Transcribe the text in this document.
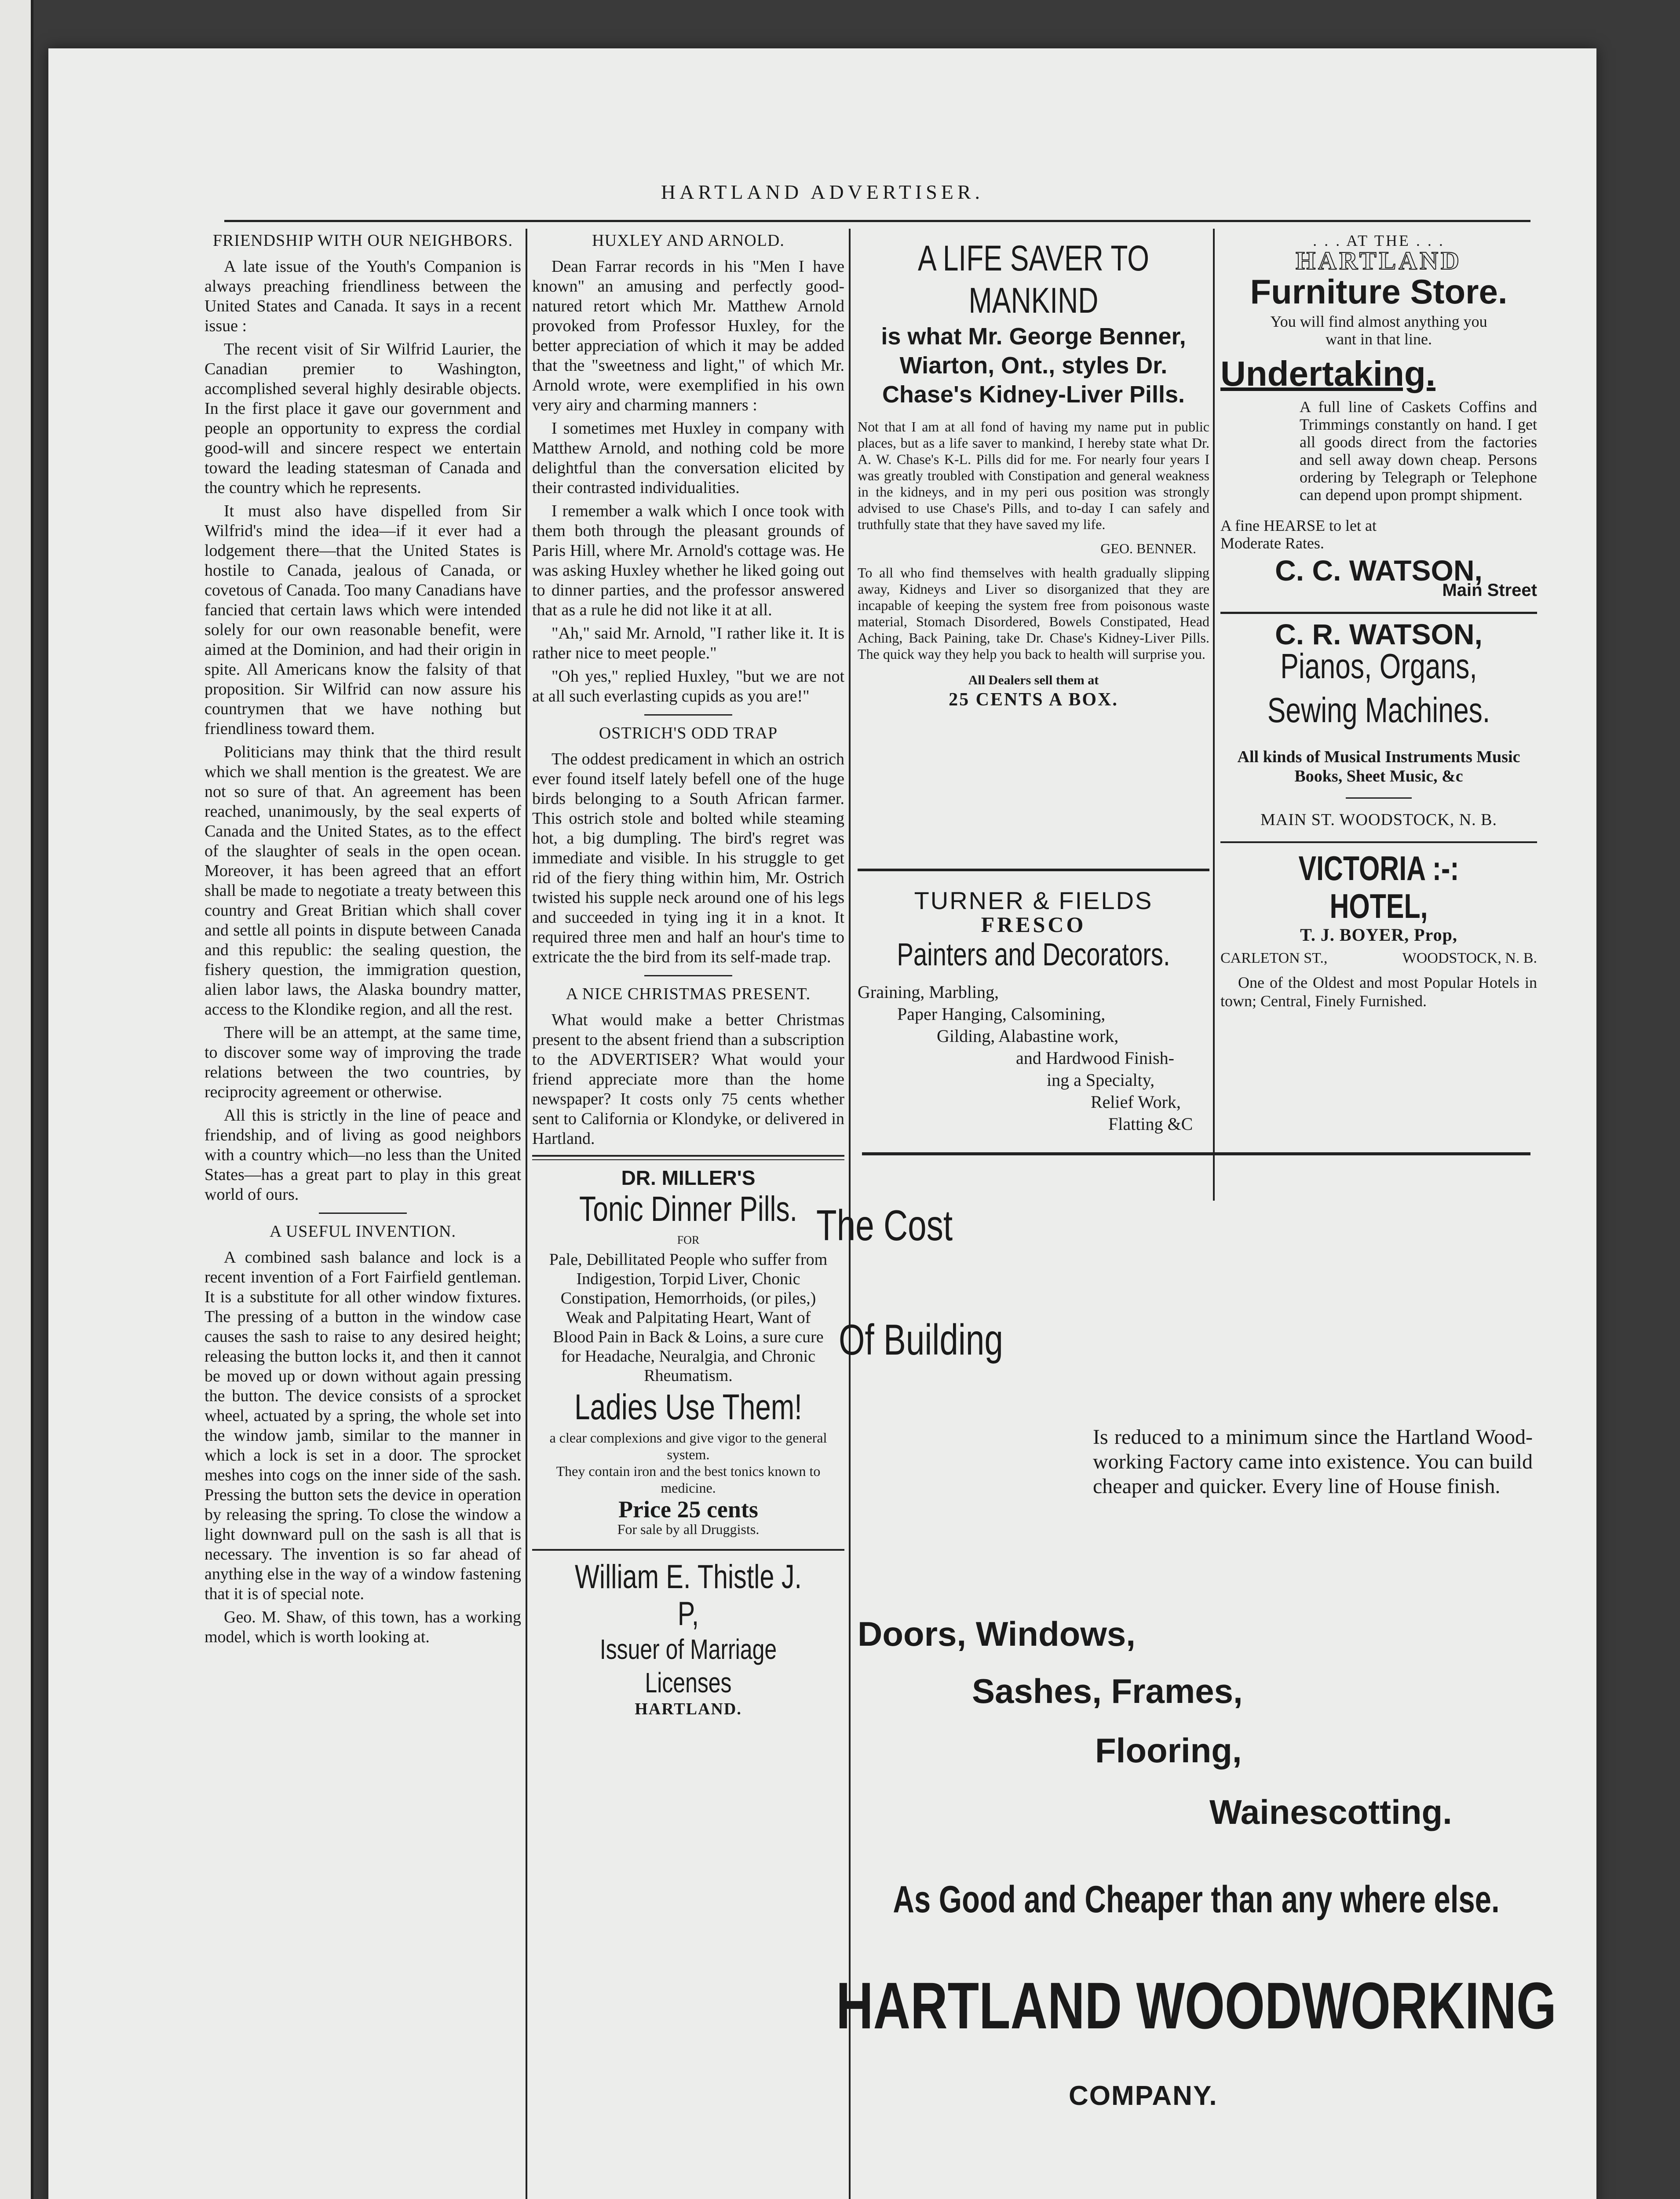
HARTLAND ADVERTISER.
FRIENDSHIP WITH OUR NEIGHBORS.

A late issue of the Youth's Companion is always preaching friendliness between the United States and Canada. It says in a recent issue :

The recent visit of Sir Wilfrid Laurier, the Canadian premier to Washington, accomplished several highly desirable objects. In the first place it gave our government and people an opportunity to express the cordial good-will and sincere respect we entertain toward the leading statesman of Canada and the country which he represents.

It must also have dispelled from Sir Wilfrid's mind the idea—if it ever had a lodgement there—that the United States is hostile to Canada, jealous of Canada, or covetous of Canada. Too many Canadians have fancied that certain laws which were intended solely for our own reasonable benefit, were aimed at the Dominion, and had their origin in spite. All Americans know the falsity of that proposition. Sir Wilfrid can now assure his countrymen that we have nothing but friendliness toward them.

Politicians may think that the third result which we shall mention is the greatest. We are not so sure of that. An agreement has been reached, unanimously, by the seal experts of Canada and the United States, as to the effect of the slaughter of seals in the open ocean. Moreover, it has been agreed that an effort shall be made to negotiate a treaty between this country and Great Britian which shall cover and settle all points in dispute between Canada and this republic: the sealing question, the fishery question, the immigration question, alien labor laws, the Alaska boundry matter, access to the Klondike region, and all the rest.

There will be an attempt, at the same time, to discover some way of improving the trade relations between the two countries, by reciprocity agreement or otherwise.

All this is strictly in the line of peace and friendship, and of living as good neighbors with a country which—no less than the United States—has a great part to play in this great world of ours.

A USEFUL INVENTION.

A combined sash balance and lock is a recent invention of a Fort Fairfield gentleman. It is a substitute for all other window fixtures. The pressing of a button in the window case causes the sash to raise to any desired height; releasing the button locks it, and then it cannot be moved up or down without again pressing the button. The device consists of a sprocket wheel, actuated by a spring, the whole set into the window jamb, similar to the manner in which a lock is set in a door. The sprocket meshes into cogs on the inner side of the sash. Pressing the button sets the device in operation by releasing the spring. To close the window a light downward pull on the sash is all that is necessary. The invention is so far ahead of anything else in the way of a window fastening that it is of special note.

Geo. M. Shaw, of this town, has a working model, which is worth looking at.

HUXLEY AND ARNOLD.

Dean Farrar records in his "Men I have known" an amusing and perfectly good-natured retort which Mr. Matthew Arnold provoked from Professor Huxley, for the better appreciation of which it may be added that the "sweetness and light," of which Mr. Arnold wrote, were exemplified in his own very airy and charming manners :

I sometimes met Huxley in company with Matthew Arnold, and nothing cold be more delightful than the conversation elicited by their contrasted individualities.

I remember a walk which I once took with them both through the pleasant grounds of Paris Hill, where Mr. Arnold's cottage was. He was asking Huxley whether he liked going out to dinner parties, and the professor answered that as a rule he did not like it at all.

"Ah," said Mr. Arnold, "I rather like it. It is rather nice to meet people."

"Oh yes," replied Huxley, "but we are not at all such everlasting cupids as you are!"

OSTRICH'S ODD TRAP

The oddest predicament in which an ostrich ever found itself lately befell one of the huge birds belonging to a South African farmer. This ostrich stole and bolted while steaming hot, a big dumpling. The bird's regret was immediate and visible. In his struggle to get rid of the fiery thing within him, Mr. Ostrich twisted his supple neck around one of his legs and succeeded in tying ing it in a knot. It required three men and half an hour's time to extricate the the bird from its self-made trap.

A NICE CHRISTMAS PRESENT.

What would make a better Christmas present to the absent friend than a subscription to the ADVERTISER? What would your friend appreciate more than the home newspaper? It costs only 75 cents whether sent to California or Klondyke, or delivered in Hartland.

DR. MILLER'S
Tonic Dinner Pills.
FOR
Pale, Debillitated People who suffer from Indigestion, Torpid Liver, Chonic Constipation, Hemorrhoids, (or piles,) Weak and Palpitating Heart, Want of Blood Pain in Back & Loins, a sure cure for Headache, Neuralgia, and Chronic Rheumatism.
Ladies Use Them!
a clear complexions and give vigor to the general system.
They contain iron and the best tonics known to medicine.
Price 25 cents
For sale by all Druggists.
William E. Thistle J. P,
Issuer of Marriage Licenses
HARTLAND.
A LIFE SAVER TO MANKIND
is what Mr. George Benner, Wiarton, Ont., styles Dr. Chase's Kidney-Liver Pills.
Not that I am at all fond of having my name put in public places, but as a life saver to mankind, I hereby state what Dr. A. W. Chase's K-L. Pills did for me. For nearly four years I was greatly troubled with Constipation and general weakness in the kidneys, and in my peri ous position was strongly advised to use Chase's Pills, and to-day I can safely and truthfully state that they have saved my life.
GEO. BENNER.
To all who find themselves with health gradually slipping away, Kidneys and Liver so disorganized that they are incapable of keeping the system free from poisonous waste material, Stomach Disordered, Bowels Constipated, Head Aching, Back Paining, take Dr. Chase's Kidney-Liver Pills. The quick way they help you back to health will surprise you.
All Dealers sell them at
25 CENTS A BOX.
TURNER & FIELDS
FRESCO
Painters and Decorators.
Graining, Marbling,
Paper Hanging, Calsomining,
Gilding, Alabastine work,
and Hardwood Finish-
ing a Specialty,
Relief Work,
Flatting &C
. . . AT THE . . .
HARTLAND
Furniture Store.
You will find almost anything you want in that line.
Undertaking.
A full line of Caskets Coffins and Trimmings constantly on hand. I get all goods direct from the factories and sell away down cheap. Persons ordering by Telegraph or Telephone can depend upon prompt shipment.
A fine HEARSE to let at Moderate Rates.
C. C. WATSON,
Main Street
C. R. WATSON,
Pianos, Organs, Sewing Machines.
All kinds of Musical Instruments Music Books, Sheet Music, &c
MAIN ST. WOODSTOCK, N. B.
VICTORIA :-: HOTEL,
T. J. BOYER, Prop,
CARLETON ST.,	WOODSTOCK, N. B.
One of the Oldest and most Popular Hotels in town; Central, Finely Furnished.
The Cost
Of Building
Is reduced to a minimum since the Hartland Wood-working Factory came into existence. You can build cheaper and quicker. Every line of House finish.
Doors, Windows,
Sashes, Frames,
Flooring,
Wainescotting.
As Good and Cheaper than any where else.
HARTLAND WOODWORKING
COMPANY.
